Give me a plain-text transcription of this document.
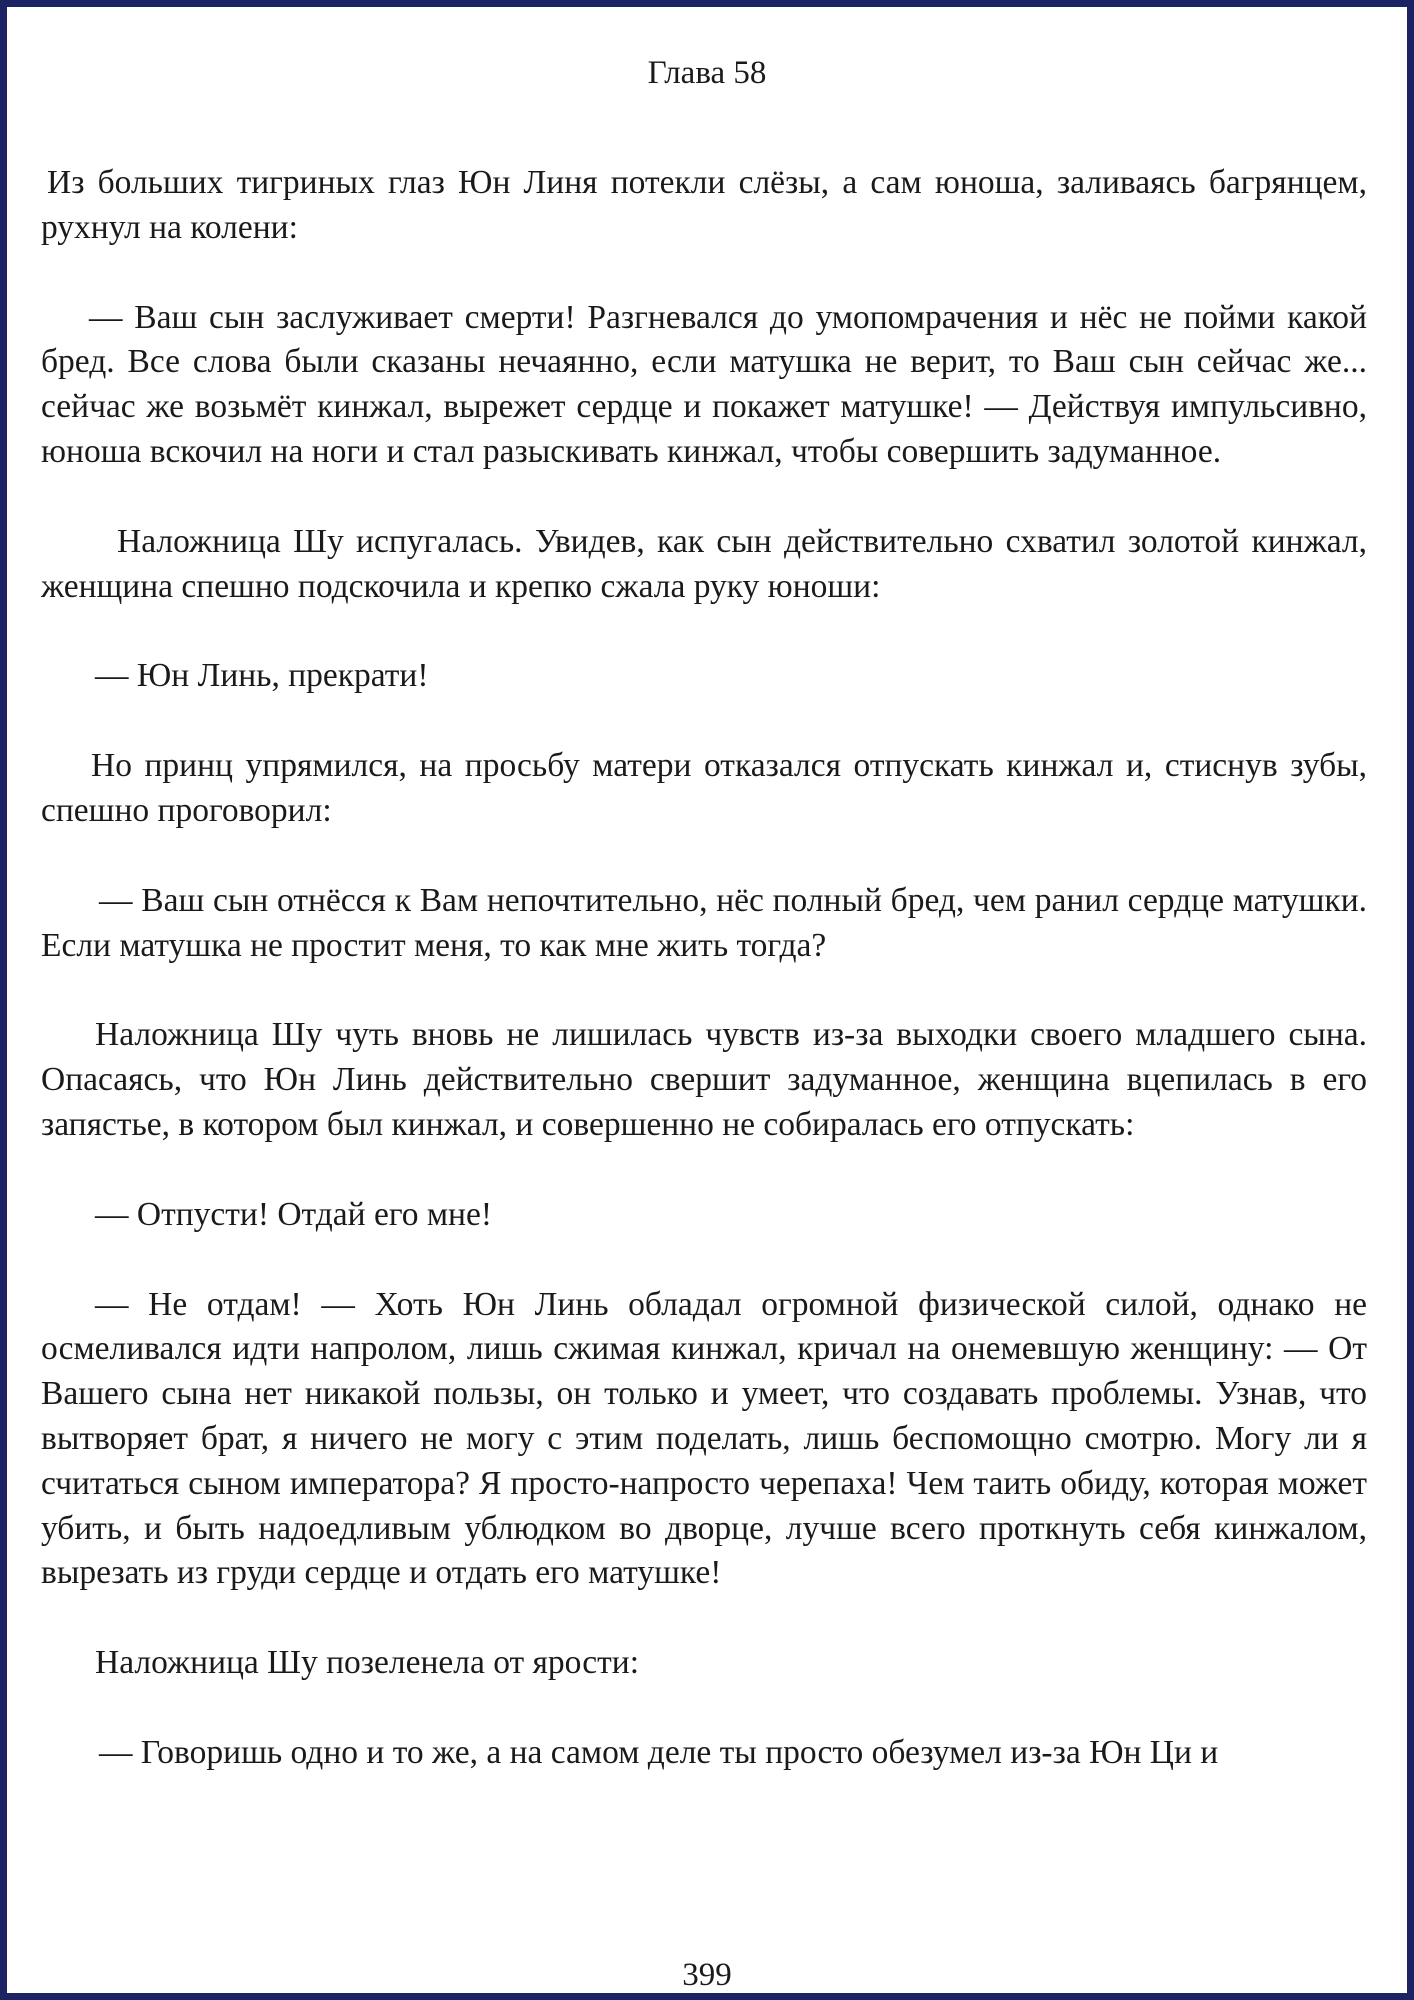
Глава 58

Из больших тигриных глаз Юн Линя потекли слёзы, а сам юноша, заливаясь багрянцем, рухнул на колени:

— Ваш сын заслуживает смерти! Разгневался до умопомрачения и нёс не пойми какой бред. Все слова были сказаны нечаянно, если матушка не верит, то Ваш сын сейчас же... сейчас же возьмёт кинжал, вырежет сердце и покажет матушке! — Действуя импульсивно, юноша вскочил на ноги и стал разыскивать кинжал, чтобы совершить задуманное.

Наложница Шу испугалась. Увидев, как сын действительно схватил золотой кинжал, женщина спешно подскочила и крепко сжала руку юноши:

— Юн Линь, прекрати!

Но принц упрямился, на просьбу матери отказался отпускать кинжал и, стиснув зубы, спешно проговорил:

— Ваш сын отнёсся к Вам непочтительно, нёс полный бред, чем ранил сердце матушки. Если матушка не простит меня, то как мне жить тогда?

Наложница Шу чуть вновь не лишилась чувств из-за выходки своего младшего сына. Опасаясь, что Юн Линь действительно свершит задуманное, женщина вцепилась в его запястье, в котором был кинжал, и совершенно не собиралась его отпускать:

— Отпусти! Отдай его мне!

— Не отдам! — Хоть Юн Линь обладал огромной физической силой, однако не осмеливался идти напролом, лишь сжимая кинжал, кричал на онемевшую женщину: — От Вашего сына нет никакой пользы, он только и умеет, что создавать проблемы. Узнав, что вытворяет брат, я ничего не могу с этим поделать, лишь беспомощно смотрю. Могу ли я считаться сыном императора? Я просто-напросто черепаха! Чем таить обиду, которая может убить, и быть надоедливым ублюдком во дворце, лучше всего проткнуть себя кинжалом, вырезать из груди сердце и отдать его матушке!

Наложница Шу позеленела от ярости:

— Говоришь одно и то же, а на самом деле ты просто обезумел из-за Юн Ци и

399
